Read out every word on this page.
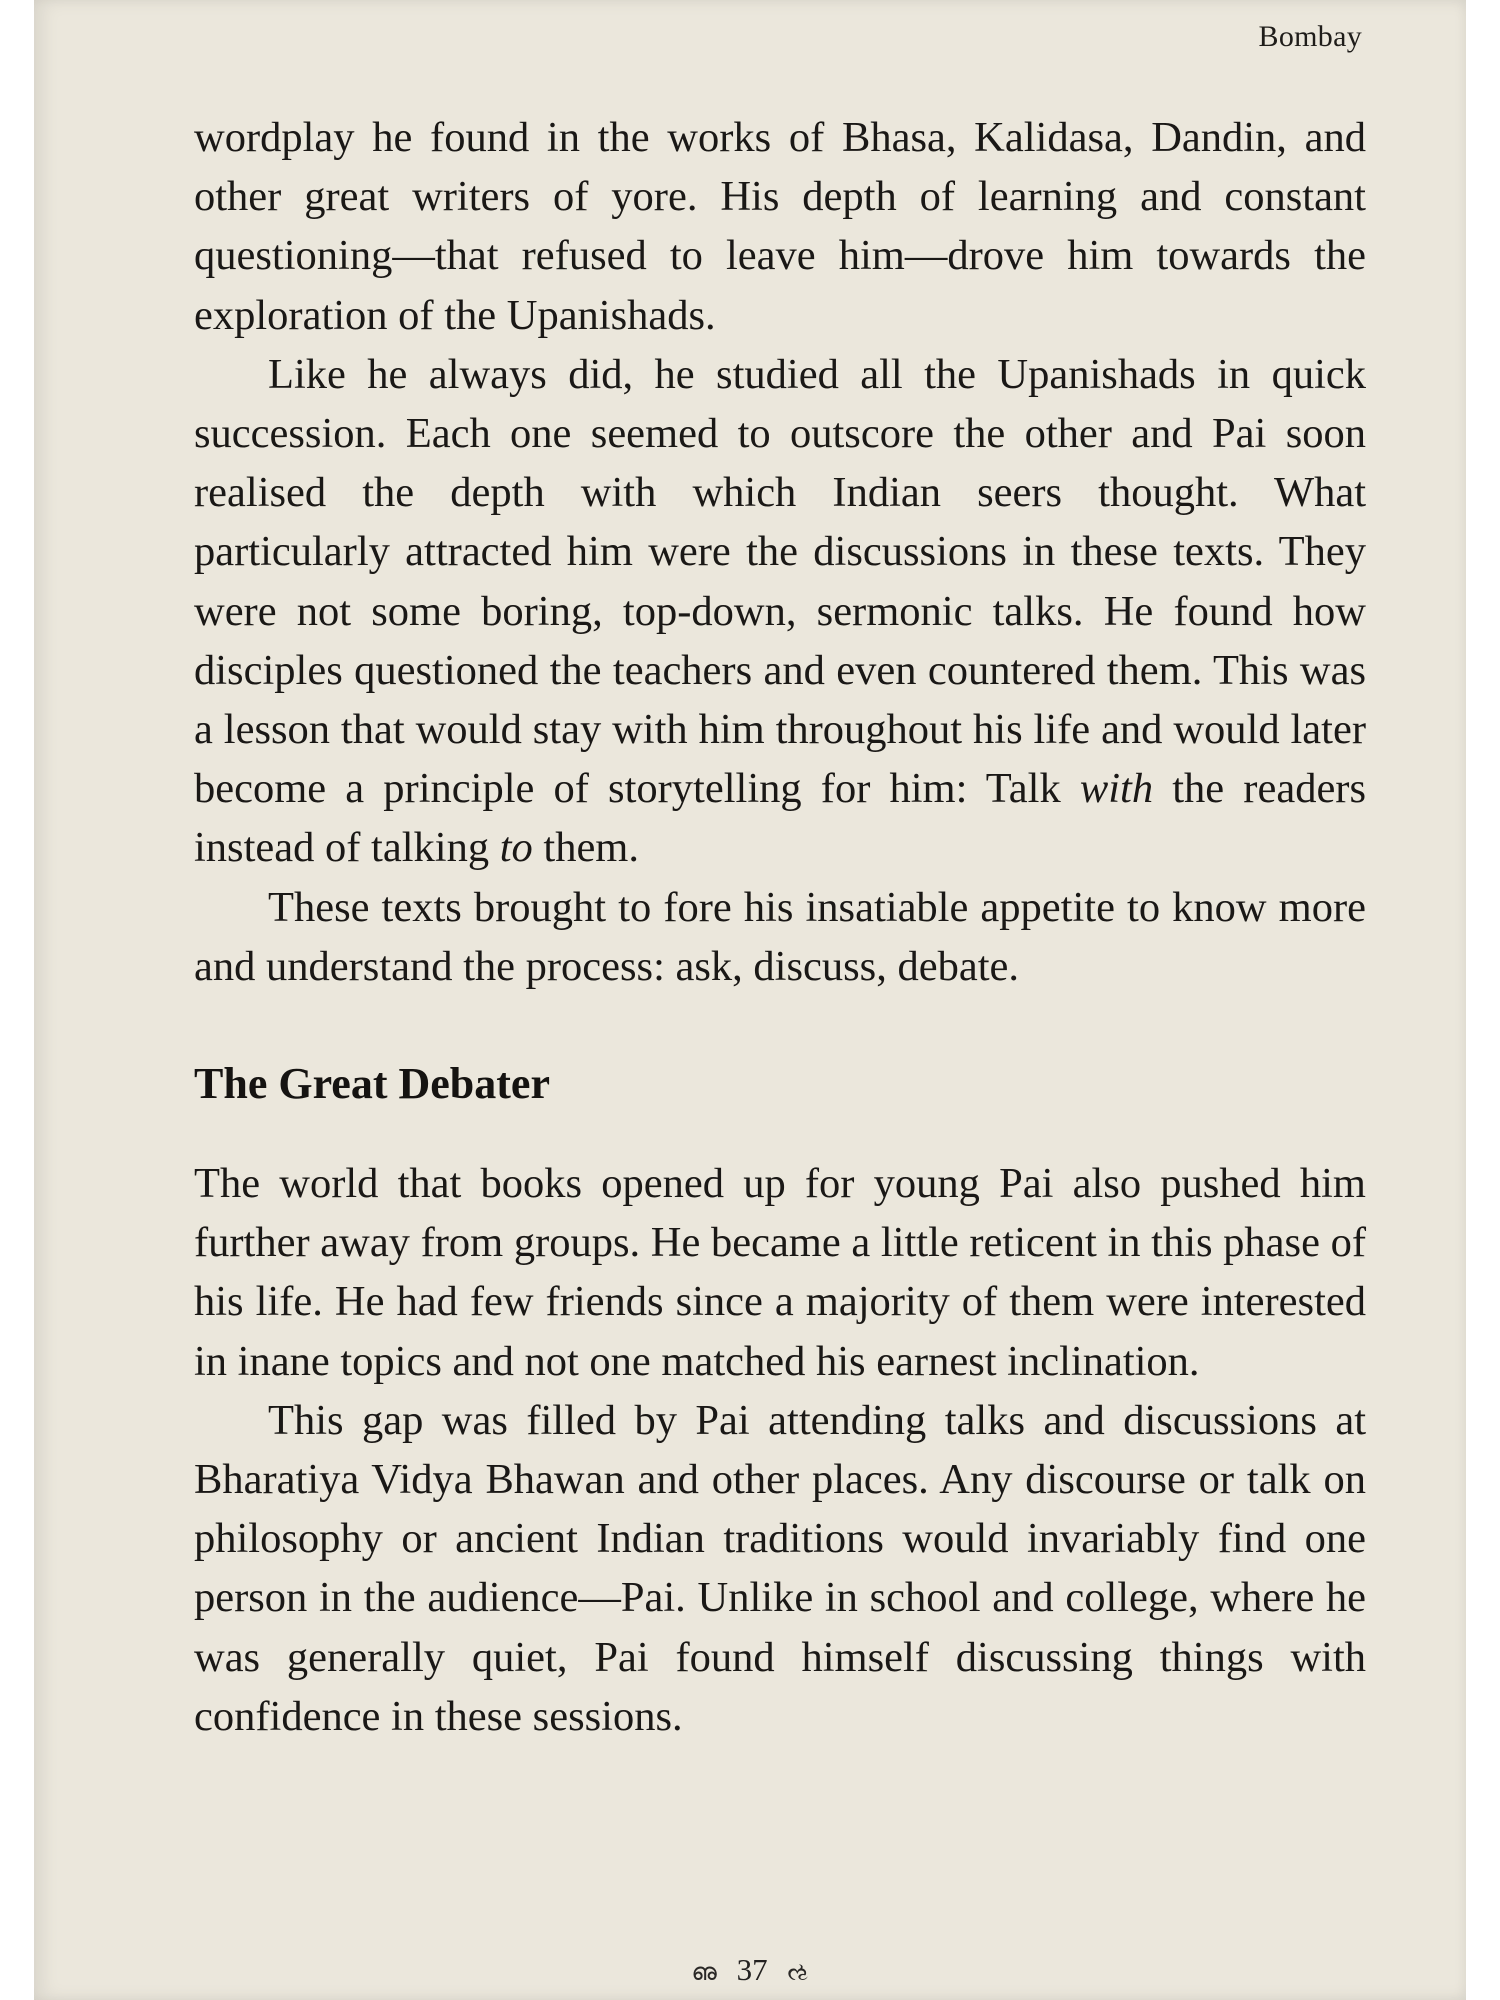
Bombay

wordplay he found in the works of Bhasa, Kalidasa, Dandin, and other great writers of yore. His depth of learning and constant questioning—that refused to leave him—drove him towards the exploration of the Upanishads.

Like he always did, he studied all the Upanishads in quick succession. Each one seemed to outscore the other and Pai soon realised the depth with which Indian seers thought. What particularly attracted him were the discussions in these texts. They were not some boring, top-down, sermonic talks. He found how disciples questioned the teachers and even countered them. This was a lesson that would stay with him throughout his life and would later become a principle of storytelling for him: Talk with the readers instead of talking to them.

These texts brought to fore his insatiable appetite to know more and understand the process: ask, discuss, debate.

The Great Debater

The world that books opened up for young Pai also pushed him further away from groups. He became a little reticent in this phase of his life. He had few friends since a majority of them were interested in inane topics and not one matched his earnest inclination.

This gap was filled by Pai attending talks and discussions at Bharatiya Vidya Bhawan and other places. Any discourse or talk on philosophy or ancient Indian traditions would invariably find one person in the audience—Pai. Unlike in school and college, where he was generally quiet, Pai found himself discussing things with confidence in these sessions.

ഌ 37 ઌ
